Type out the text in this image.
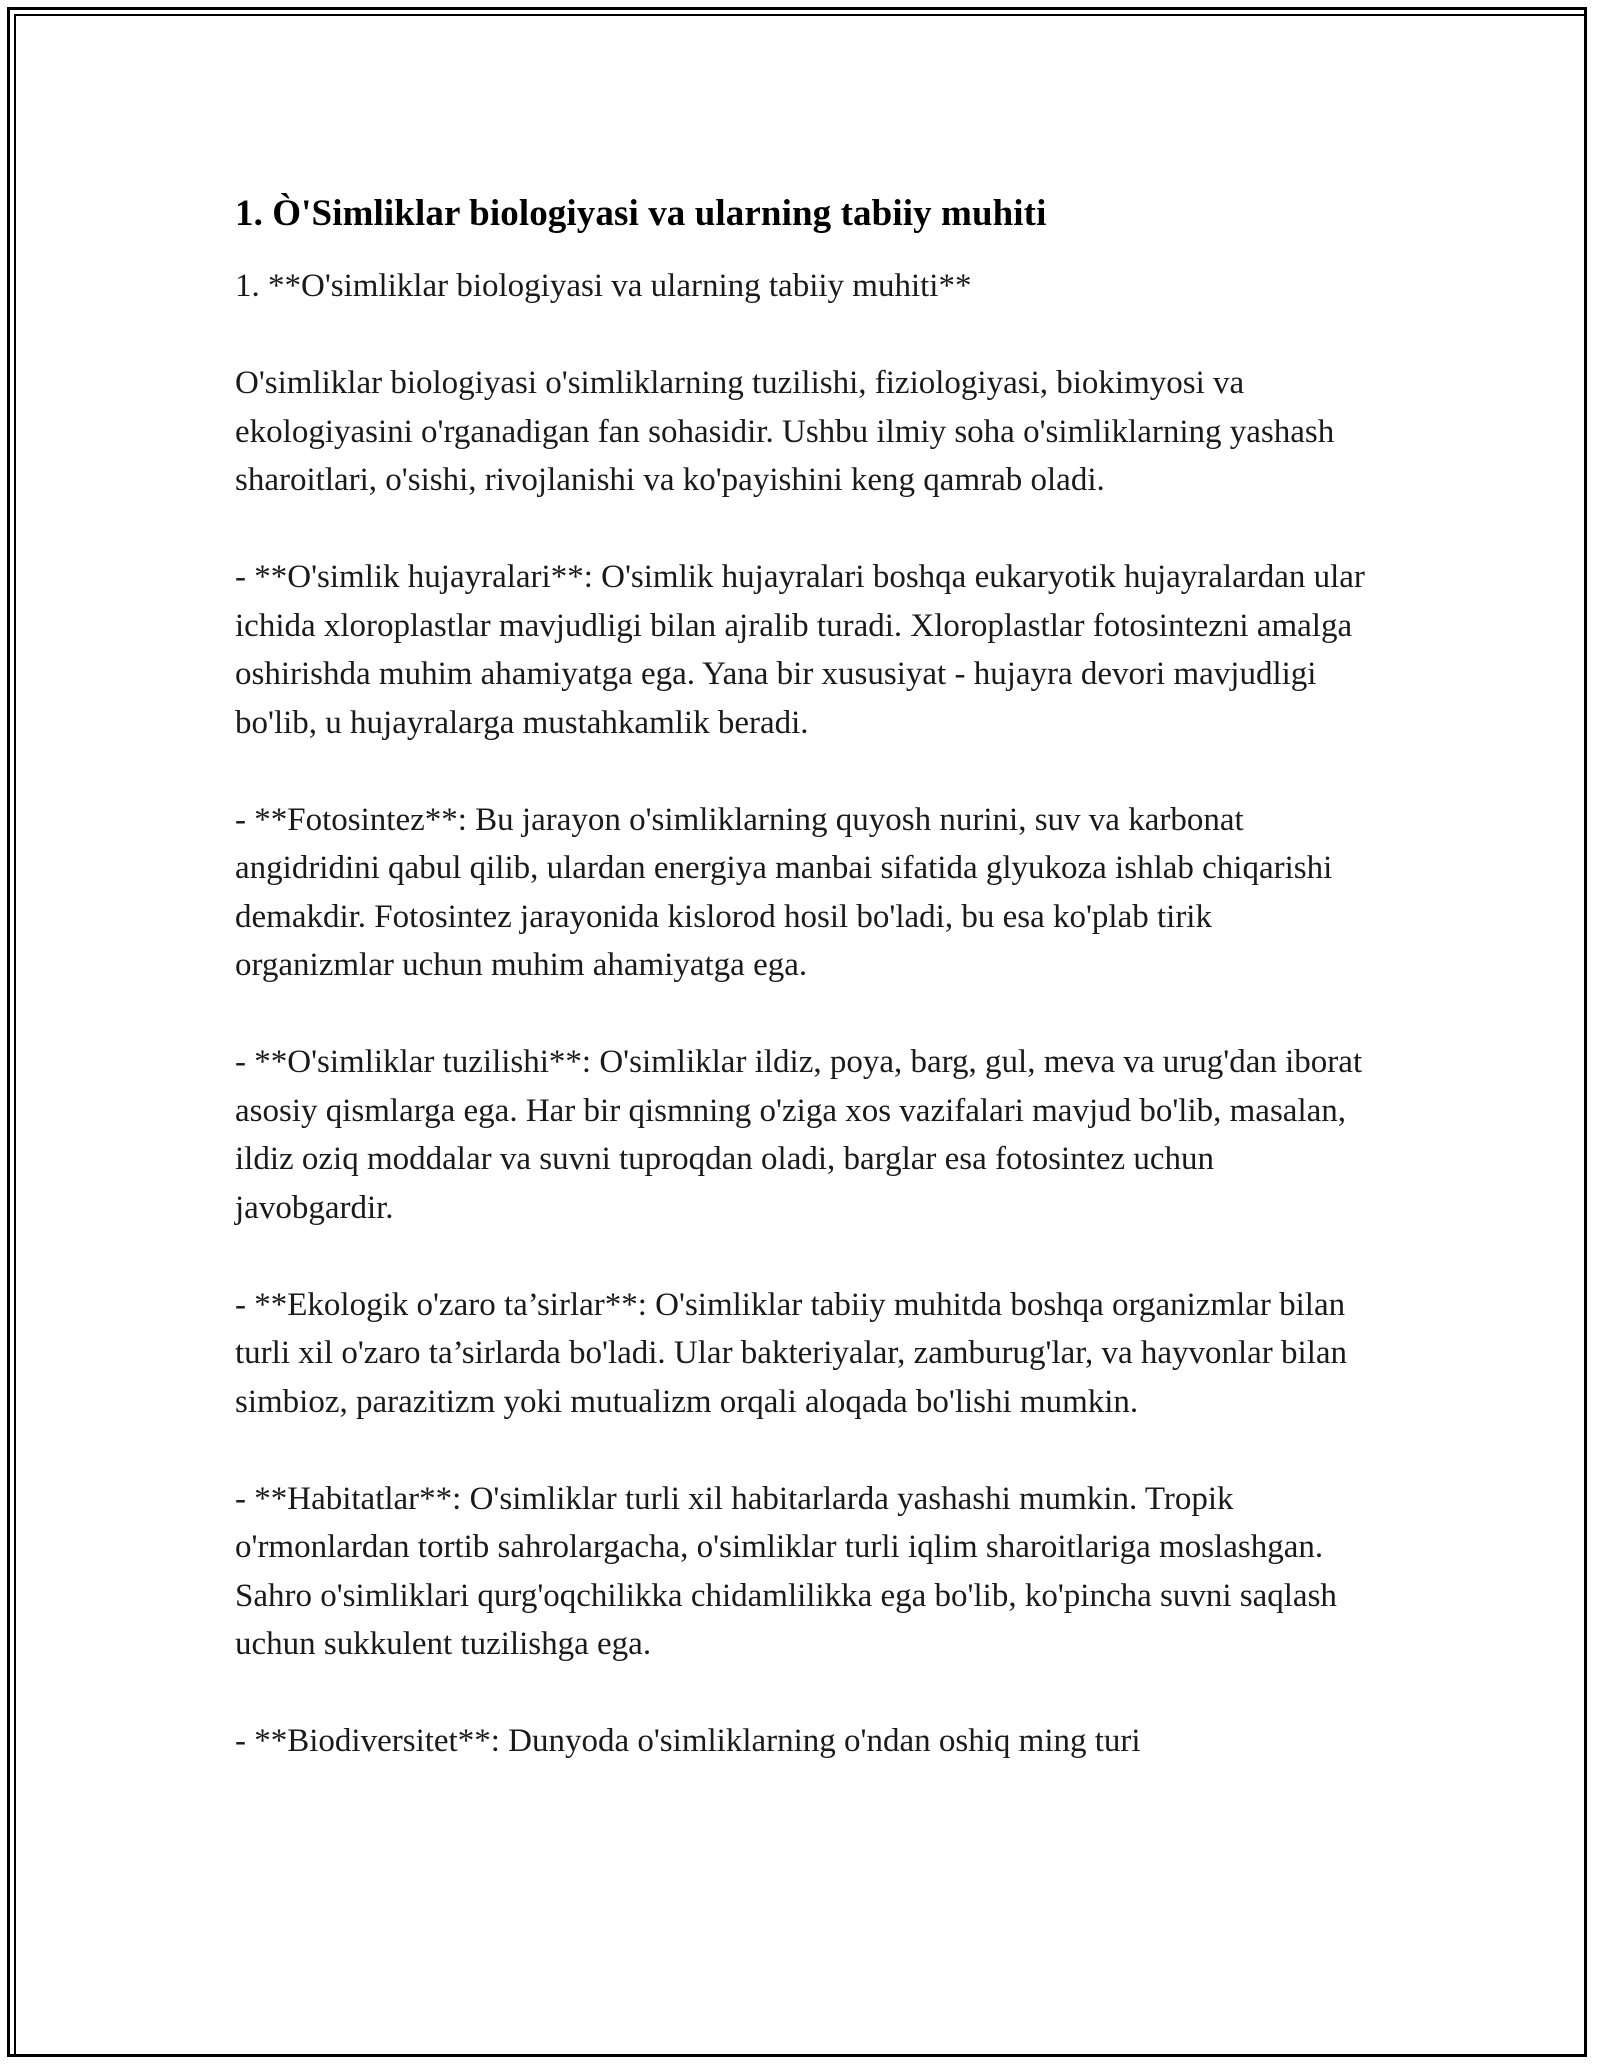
1. Ò'Simliklar biologiyasi va ularning tabiiy muhiti

1. **O'simliklar biologiyasi va ularning tabiiy muhiti**

O'simliklar biologiyasi o'simliklarning tuzilishi, fiziologiyasi, biokimyosi va ekologiyasini o'rganadigan fan sohasidir. Ushbu ilmiy soha o'simliklarning yashash sharoitlari, o'sishi, rivojlanishi va ko'payishini keng qamrab oladi.

- **O'simlik hujayralari**: O'simlik hujayralari boshqa eukaryotik hujayralardan ular ichida xloroplastlar mavjudligi bilan ajralib turadi. Xloroplastlar fotosintezni amalga oshirishda muhim ahamiyatga ega. Yana bir xususiyat - hujayra devori mavjudligi bo'lib, u hujayralarga mustahkamlik beradi.

- **Fotosintez**: Bu jarayon o'simliklarning quyosh nurini, suv va karbonat angidridini qabul qilib, ulardan energiya manbai sifatida glyukoza ishlab chiqarishi demakdir. Fotosintez jarayonida kislorod hosil bo'ladi, bu esa ko'plab tirik organizmlar uchun muhim ahamiyatga ega.

- **O'simliklar tuzilishi**: O'simliklar ildiz, poya, barg, gul, meva va urug'dan iborat asosiy qismlarga ega. Har bir qismning o'ziga xos vazifalari mavjud bo'lib, masalan, ildiz oziq moddalar va suvni tuproqdan oladi, barglar esa fotosintez uchun javobgardir.

- **Ekologik o'zaro ta’sirlar**: O'simliklar tabiiy muhitda boshqa organizmlar bilan turli xil o'zaro ta’sirlarda bo'ladi. Ular bakteriyalar, zamburug'lar, va hayvonlar bilan simbioz, parazitizm yoki mutualizm orqali aloqada bo'lishi mumkin.

- **Habitatlar**: O'simliklar turli xil habitarlarda yashashi mumkin. Tropik o'rmonlardan tortib sahrolargacha, o'simliklar turli iqlim sharoitlariga moslashgan. Sahro o'simliklari qurg'oqchilikka chidamlilikka ega bo'lib, ko'pincha suvni saqlash uchun sukkulent tuzilishga ega.

- **Biodiversitet**: Dunyoda o'simliklarning o'ndan oshiq ming turi
